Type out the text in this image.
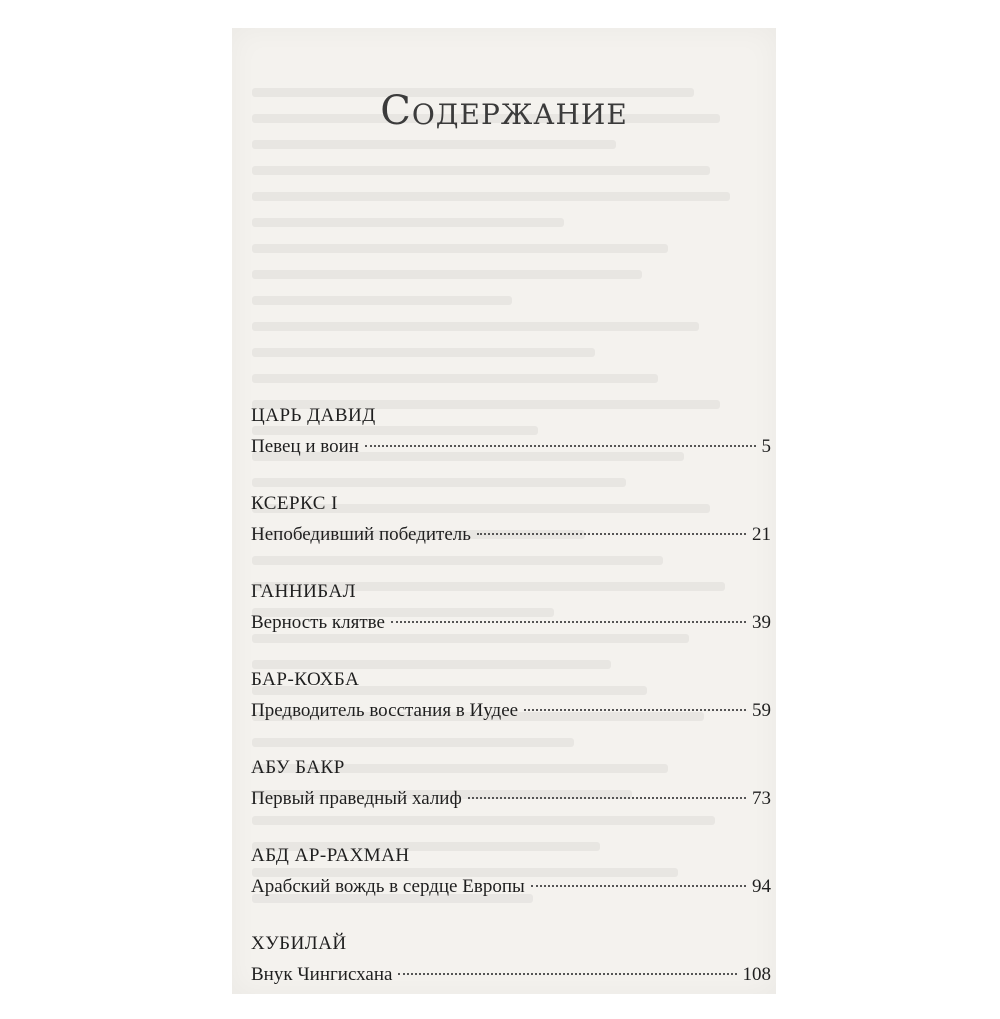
Содержание
ЦАРЬ ДАВИД
Певец и воин	5
КСЕРКС I
Непобедивший победитель	21
ГАННИБАЛ
Верность клятве	39
БАР-КОХБА
Предводитель восстания в Иудее	59
АБУ БАКР
Первый праведный халиф	73
АБД АР-РАХМАН
Арабский вождь в сердце Европы	94
ХУБИЛАЙ
Внук Чингисхана	108
